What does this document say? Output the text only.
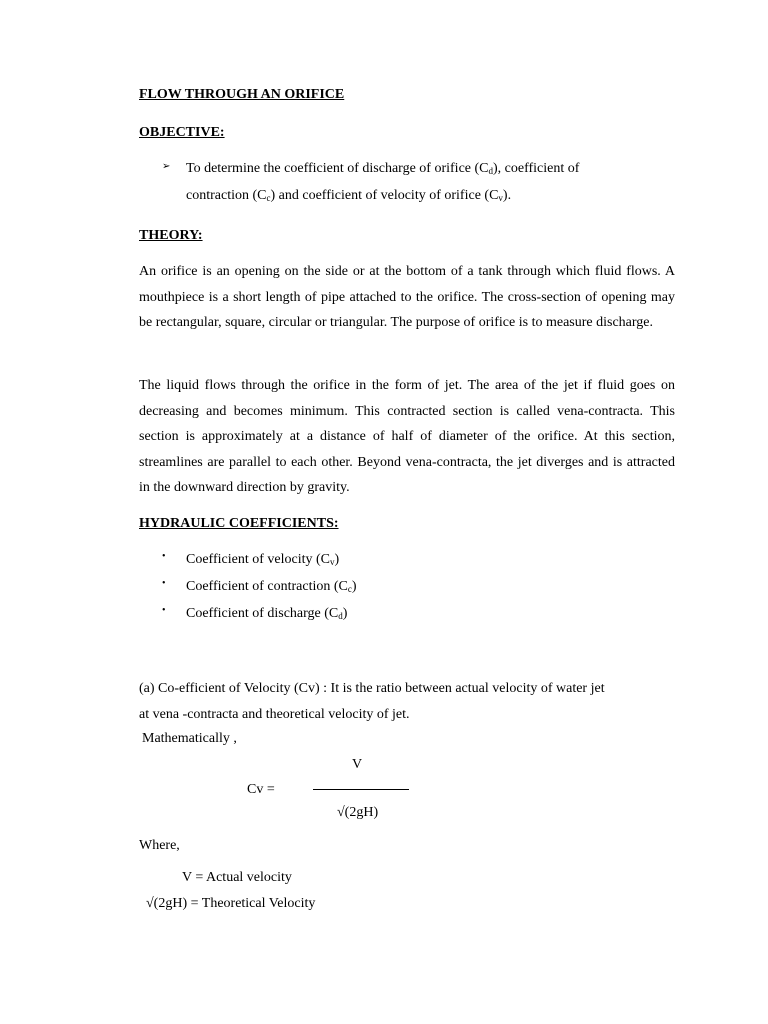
FLOW THROUGH AN ORIFICE
OBJECTIVE:
➢ To determine the coefficient of discharge of orifice $(C_d)$, coefficient of
contraction $(C_c)$ and coefficient of velocity of orifice $(C_v)$.
THEORY:

An orifice is an opening on the side or at the bottom of a tank through which fluid flows. A mouthpiece is a short length of pipe attached to the orifice. The cross-section of opening may be rectangular, square, circular or triangular. The purpose of orifice is to measure discharge.

The liquid flows through the orifice in the form of jet. The area of the jet if fluid goes on decreasing and becomes minimum. This contracted section is called vena-contracta. This section is approximately at a distance of half of diameter of the orifice. At this section, streamlines are parallel to each other. Beyond vena-contracta, the jet diverges and is attracted in the downward direction by gravity.

HYDRAULIC COEFFICIENTS:
• Coefficient of velocity $(C_v)$
• Coefficient of contraction $(C_c)$
• Coefficient of discharge $(C_d)$
(a) Co-efficient of Velocity (Cv) : It is the ratio between actual velocity of water jet
at vena -contracta and theoretical velocity of jet.
Mathematically ,
V
Cv =
√(2gH)
Where,
V = Actual velocity
√(2gH) = Theoretical Velocity
